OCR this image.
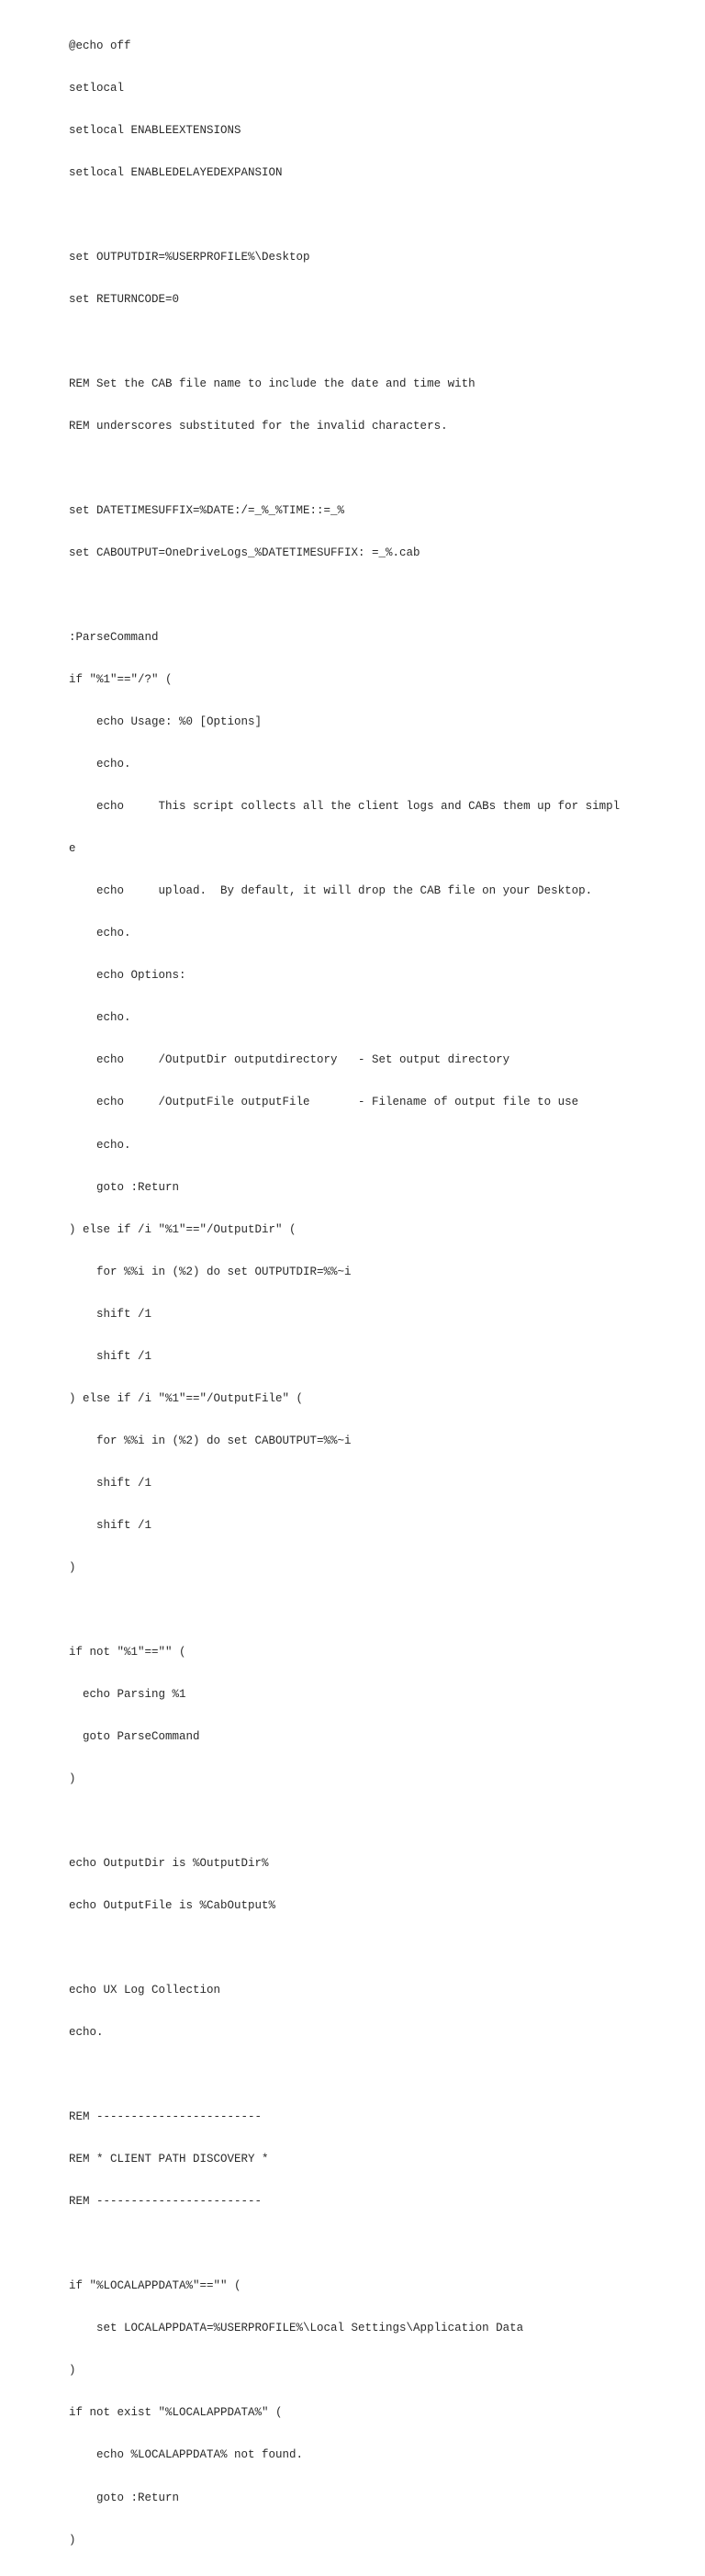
@echo off

setlocal

setlocal ENABLEEXTENSIONS

setlocal ENABLEDELAYEDEXPANSION

set OUTPUTDIR=%USERPROFILE%\Desktop

set RETURNCODE=0

REM Set the CAB file name to include the date and time with

REM underscores substituted for the invalid characters.

set DATETIMESUFFIX=%DATE:/=_%_%TIME::=_%

set CABOUTPUT=OneDriveLogs_%DATETIMESUFFIX: =_%.cab

:ParseCommand

if "%1"=="/?" (

echo Usage: %0 [Options]

echo.

echo     This script collects all the client logs and CABs them up for simpl

e

echo     upload.  By default, it will drop the CAB file on your Desktop.

echo.

echo Options:

echo.

echo     /OutputDir outputdirectory   - Set output directory

echo     /OutputFile outputFile       - Filename of output file to use

echo.

goto :Return

) else if /i "%1"=="/OutputDir" (

for %%i in (%2) do set OUTPUTDIR=%%~i

shift /1

shift /1

) else if /i "%1"=="/OutputFile" (

for %%i in (%2) do set CABOUTPUT=%%~i

shift /1

shift /1

)

if not "%1"=="" (

echo Parsing %1

goto ParseCommand

)

echo OutputDir is %OutputDir%

echo OutputFile is %CabOutput%

echo UX Log Collection

echo.

REM ------------------------

REM * CLIENT PATH DISCOVERY *

REM ------------------------

if "%LOCALAPPDATA%"=="" (

set LOCALAPPDATA=%USERPROFILE%\Local Settings\Application Data

)

if not exist "%LOCALAPPDATA%" (

echo %LOCALAPPDATA% not found.

goto :Return

)
